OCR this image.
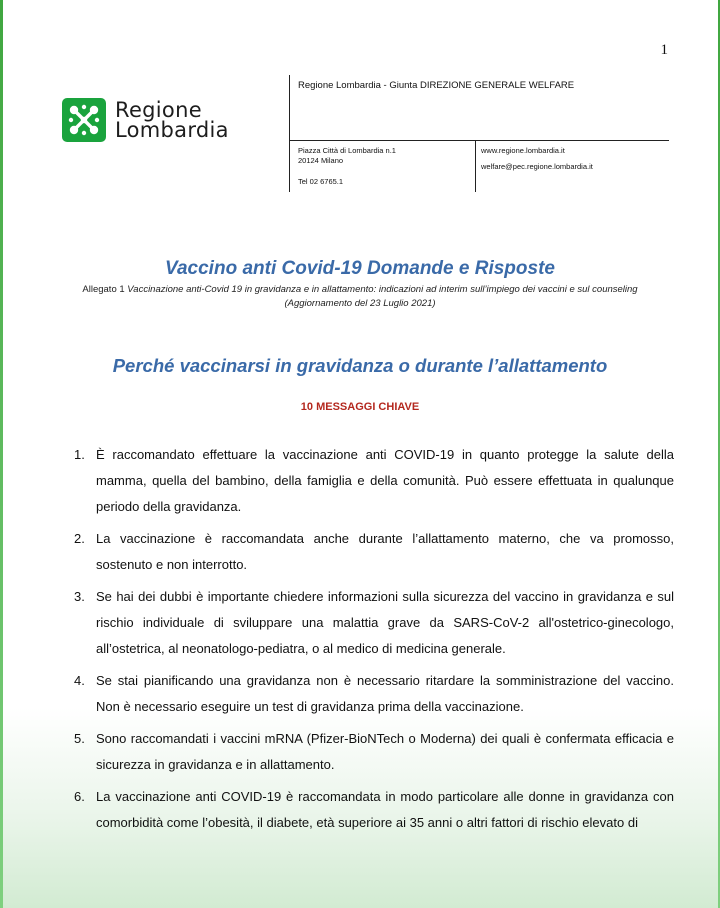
1
Regione
Lombardia
Regione Lombardia - Giunta DIREZIONE GENERALE WELFARE
Piazza Città di Lombardia n.1
20124 Milano
Tel 02 6765.1
www.regione.lombardia.it
welfare@pec.regione.lombardia.it
Vaccino anti Covid-19 Domande e Risposte
Allegato 1 Vaccinazione anti-Covid 19 in gravidanza e in allattamento: indicazioni ad interim sull’impiego dei vaccini e sul counseling
(Aggiornamento del 23 Luglio 2021)
Perché vaccinarsi in gravidanza o durante l’allattamento
10 MESSAGGI CHIAVE
1. È raccomandato effettuare la vaccinazione anti COVID-19 in quanto protegge la salute della mamma, quella del bambino, della famiglia e della comunità. Può essere effettuata in qualunque periodo della gravidanza.
2. La vaccinazione è raccomandata anche durante l’allattamento materno, che va promosso, sostenuto e non interrotto.
3. Se hai dei dubbi è importante chiedere informazioni sulla sicurezza del vaccino in gravidanza e sul rischio individuale di sviluppare una malattia grave da SARS-CoV-2 all'ostetrico-ginecologo, all’ostetrica, al neonatologo-pediatra, o al medico di medicina generale.
4. Se stai pianificando una gravidanza non è necessario ritardare la somministrazione del vaccino. Non è necessario eseguire un test di gravidanza prima della vaccinazione.
5. Sono raccomandati i vaccini mRNA (Pfizer-BioNTech o Moderna) dei quali è confermata efficacia e sicurezza in gravidanza e in allattamento.
6. La vaccinazione anti COVID-19 è raccomandata in modo particolare alle donne in gravidanza con comorbidità come l’obesità, il diabete, età superiore ai 35 anni o altri fattori di rischio elevato di
